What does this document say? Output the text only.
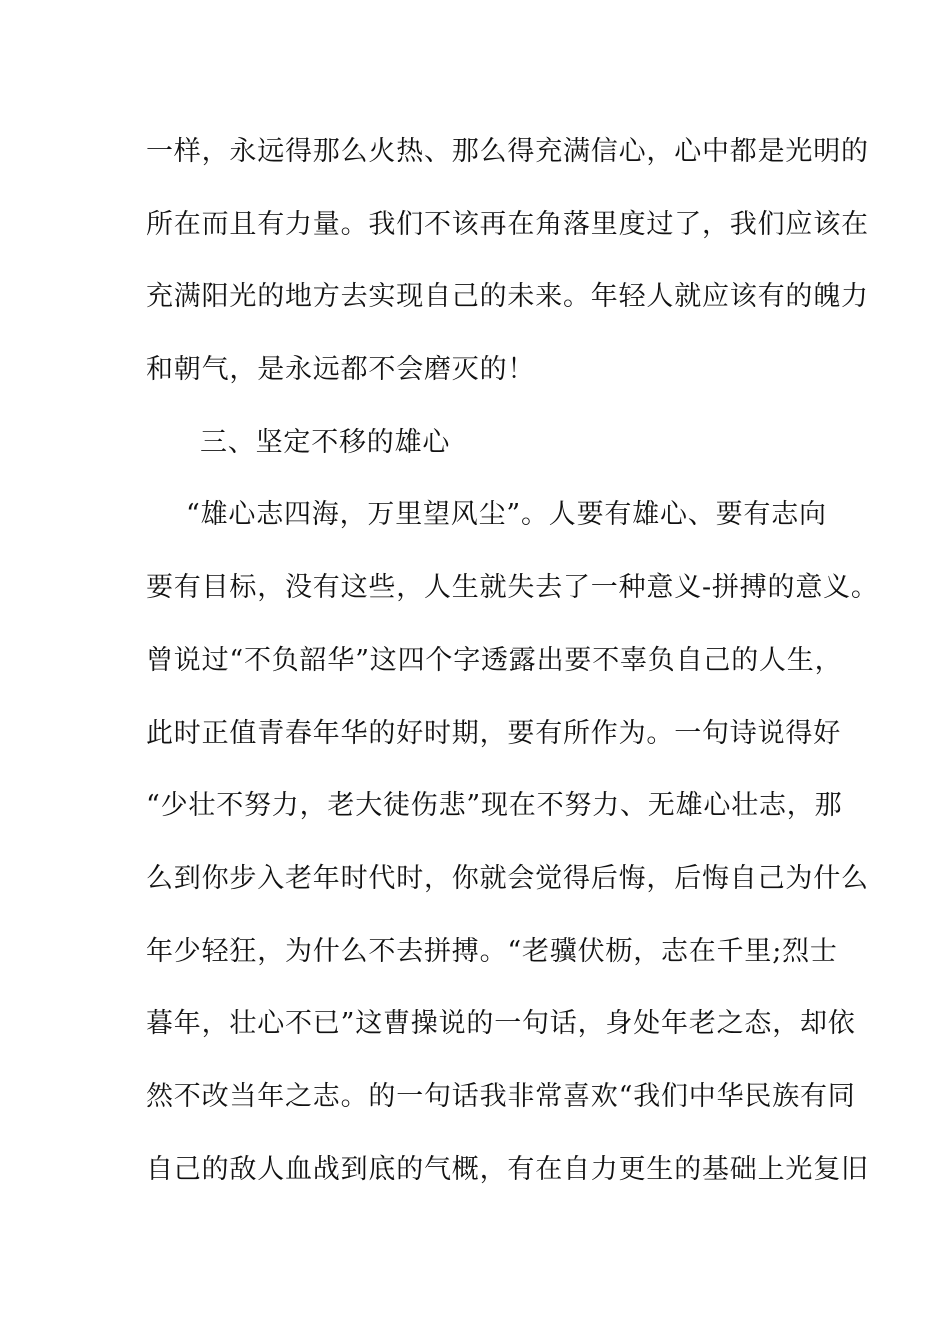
一样，永远得那么火热、那么得充满信心，心中都是光明的
所在而且有力量。我们不该再在角落里度过了，我们应该在
充满阳光的地方去实现自己的未来。年轻人就应该有的魄力
和朝气，是永远都不会磨灭的！
三、坚定不移的雄心
“雄心志四海，万里望风尘”。人要有雄心、要有志向
要有目标，没有这些，人生就失去了一种意义-拼搏的意义。
曾说过“不负韶华”这四个字透露出要不辜负自己的人生，
此时正值青春年华的好时期，要有所作为。一句诗说得好
“少壮不努力，老大徒伤悲”现在不努力、无雄心壮志，那
么到你步入老年时代时，你就会觉得后悔，后悔自己为什么
年少轻狂，为什么不去拼搏。“老骥伏枥，志在千里;烈士
暮年，壮心不已”这曹操说的一句话，身处年老之态，却依
然不改当年之志。的一句话我非常喜欢“我们中华民族有同
自己的敌人血战到底的气概，有在自力更生的基础上光复旧
